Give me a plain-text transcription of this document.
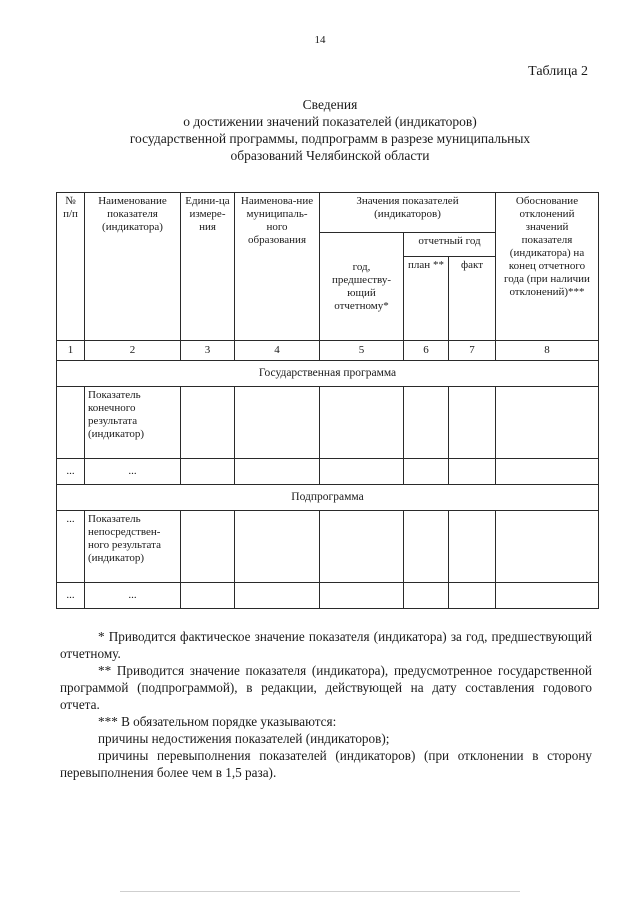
14
Таблица 2
Сведения
о достижении значений показателей (индикаторов)
государственной программы, подпрограмм в разрезе муниципальных
образований Челябинской области
№ п/п	Наименование показателя (индикатора)	Едини-ца измере-ния	Наименова-ние муниципаль-ного образования	Значения показателей (индикаторов)			Обоснование отклонений значений показателя (индикатора) на конец отчетного года (при наличии отклонений)***
				год, предшеству-ющий отчетному*	отчетный год		
					план **	факт	
1	2	3	4	5	6	7	8
Государственная программа							
	Показатель конечного результата (индикатор)						
...	...						
Подпрограмма							
...	Показатель непосредствен-ного результата (индикатор)						
...	...						

* Приводится фактическое значение показателя (индикатора) за год, предшествующий отчетному.

** Приводится значение показателя (индикатора), предусмотренное государственной программой (подпрограммой), в редакции, действующей на дату составления годового отчета.

*** В обязательном порядке указываются:

причины недостижения показателей (индикаторов);

причины перевыполнения показателей (индикаторов) (при отклонении в сторону перевыполнения более чем в 1,5 раза).
